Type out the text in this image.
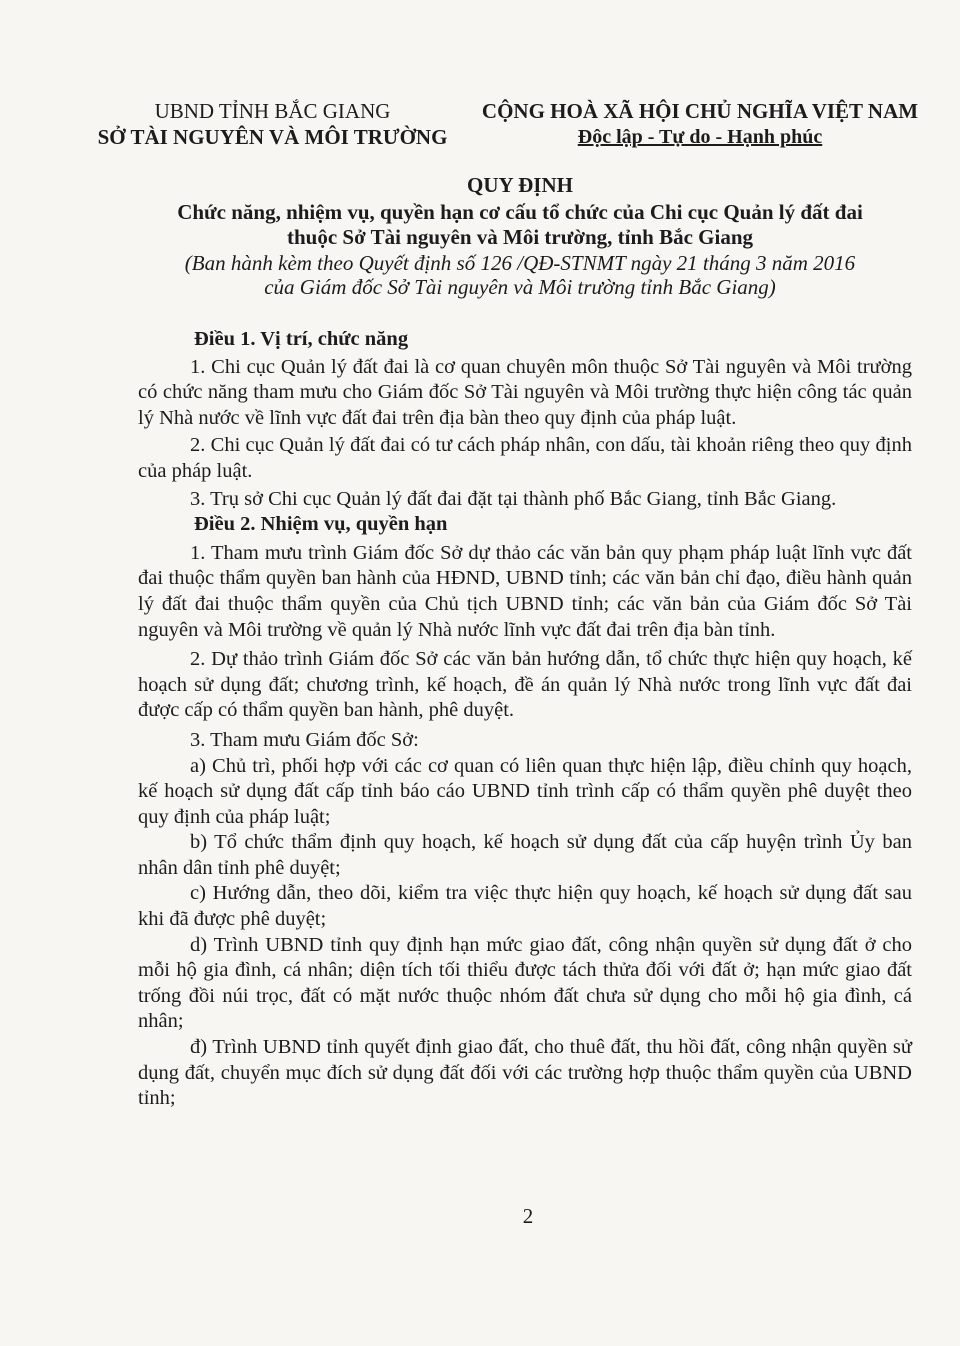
UBND TỈNH BẮC GIANG
SỞ TÀI NGUYÊN VÀ MÔI TRƯỜNG
CỘNG HOÀ XÃ HỘI CHỦ NGHĨA VIỆT NAM
Độc lập - Tự do - Hạnh phúc
QUY ĐỊNH
Chức năng, nhiệm vụ, quyền hạn cơ cấu tổ chức của Chi cục Quản lý đất đai
thuộc Sở Tài nguyên và Môi trường, tỉnh Bắc Giang
(Ban hành kèm theo Quyết định số 126 /QĐ-STNMT ngày 21 tháng 3 năm 2016
của Giám đốc Sở Tài nguyên và Môi trường tỉnh Bắc Giang)

Điều 1. Vị trí, chức năng

1. Chi cục Quản lý đất đai là cơ quan chuyên môn thuộc Sở Tài nguyên và Môi trường có chức năng tham mưu cho Giám đốc Sở Tài nguyên và Môi trường thực hiện công tác quản lý Nhà nước về lĩnh vực đất đai trên địa bàn theo quy định của pháp luật.

2. Chi cục Quản lý đất đai có tư cách pháp nhân, con dấu, tài khoản riêng theo quy định của pháp luật.

3. Trụ sở Chi cục Quản lý đất đai đặt tại thành phố Bắc Giang, tỉnh Bắc Giang.

Điều 2. Nhiệm vụ, quyền hạn

1. Tham mưu trình Giám đốc Sở dự thảo các văn bản quy phạm pháp luật lĩnh vực đất đai thuộc thẩm quyền ban hành của HĐND, UBND tỉnh; các văn bản chỉ đạo, điều hành quản lý đất đai thuộc thẩm quyền của Chủ tịch UBND tỉnh; các văn bản của Giám đốc Sở Tài nguyên và Môi trường về quản lý Nhà nước lĩnh vực đất đai trên địa bàn tỉnh.

2. Dự thảo trình Giám đốc Sở các văn bản hướng dẫn, tổ chức thực hiện quy hoạch, kế hoạch sử dụng đất; chương trình, kế hoạch, đề án quản lý Nhà nước trong lĩnh vực đất đai được cấp có thẩm quyền ban hành, phê duyệt.

3. Tham mưu Giám đốc Sở:

a) Chủ trì, phối hợp với các cơ quan có liên quan thực hiện lập, điều chỉnh quy hoạch, kế hoạch sử dụng đất cấp tỉnh báo cáo UBND tỉnh trình cấp có thẩm quyền phê duyệt theo quy định của pháp luật;

b) Tổ chức thẩm định quy hoạch, kế hoạch sử dụng đất của cấp huyện trình Ủy ban nhân dân tỉnh phê duyệt;

c) Hướng dẫn, theo dõi, kiểm tra việc thực hiện quy hoạch, kế hoạch sử dụng đất sau khi đã được phê duyệt;

d) Trình UBND tỉnh quy định hạn mức giao đất, công nhận quyền sử dụng đất ở cho mỗi hộ gia đình, cá nhân; diện tích tối thiểu được tách thửa đối với đất ở; hạn mức giao đất trống đồi núi trọc, đất có mặt nước thuộc nhóm đất chưa sử dụng cho mỗi hộ gia đình, cá nhân;

đ) Trình UBND tỉnh quyết định giao đất, cho thuê đất, thu hồi đất, công nhận quyền sử dụng đất, chuyển mục đích sử dụng đất đối với các trường hợp thuộc thẩm quyền của UBND tỉnh;

2
